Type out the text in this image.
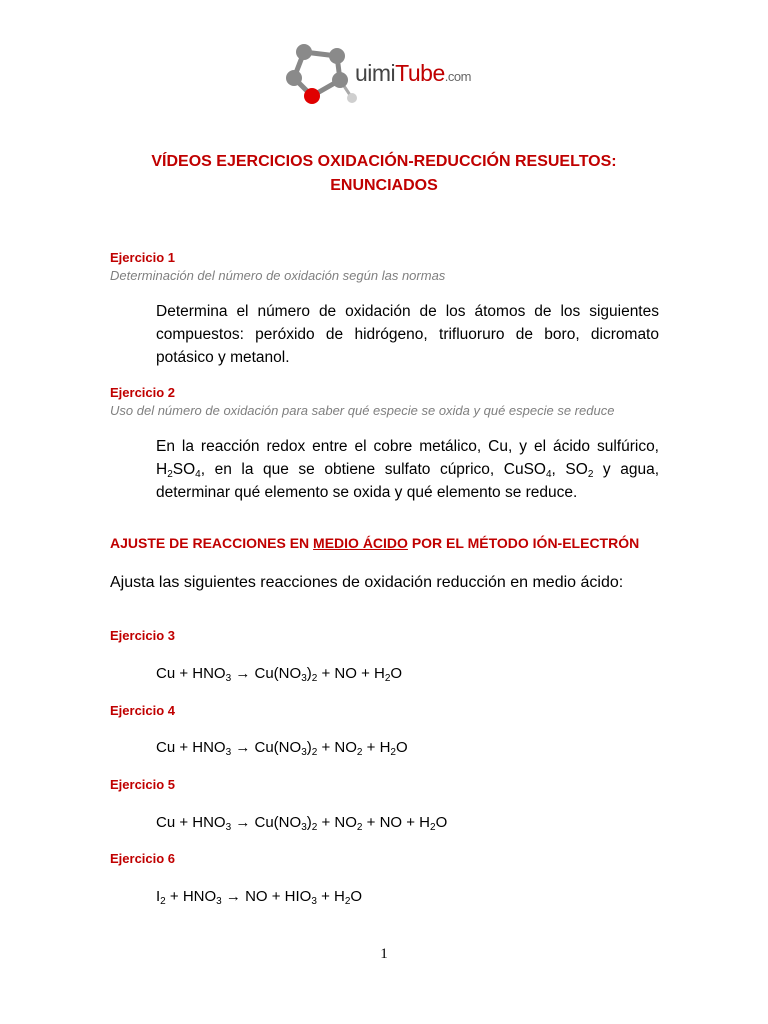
uimiTube.com
VÍDEOS EJERCICIOS OXIDACIÓN-REDUCCIÓN RESUELTOS:
ENUNCIADOS
Ejercicio 1
Determinación del número de oxidación según las normas
Determina el número de oxidación de los átomos de los siguientes compuestos: peróxido de hidrógeno, trifluoruro de boro, dicromato potásico y metanol.
Ejercicio 2
Uso del número de oxidación para saber qué especie se oxida y qué especie se reduce
En la reacción redox entre el cobre metálico, Cu, y el ácido sulfúrico, $H_2SO_4$, en la que se obtiene sulfato cúprico, CuSO$_4$, $SO_2$ y agua, determinar qué elemento se oxida y qué elemento se reduce.
AJUSTE DE REACCIONES EN MEDIO ÁCIDO POR EL MÉTODO IÓN-ELECTRÓN
Ajusta las siguientes reacciones de oxidación reducción en medio ácido:
Ejercicio 3
$Cu + HNO_3 \to Cu(NO_3)_2$ + NO + $H_2O$
Ejercicio 4
$Cu + HNO_3 \to Cu(NO_3)_2 + NO_2 + H_2O$
Ejercicio 5
$Cu + HNO_3 \to Cu(NO_3)_2 + NO_2$ + NO + $H_2O$
Ejercicio 6
$I_2 + HNO_3$ → NO + $HIO_3 + H_2O$
1
